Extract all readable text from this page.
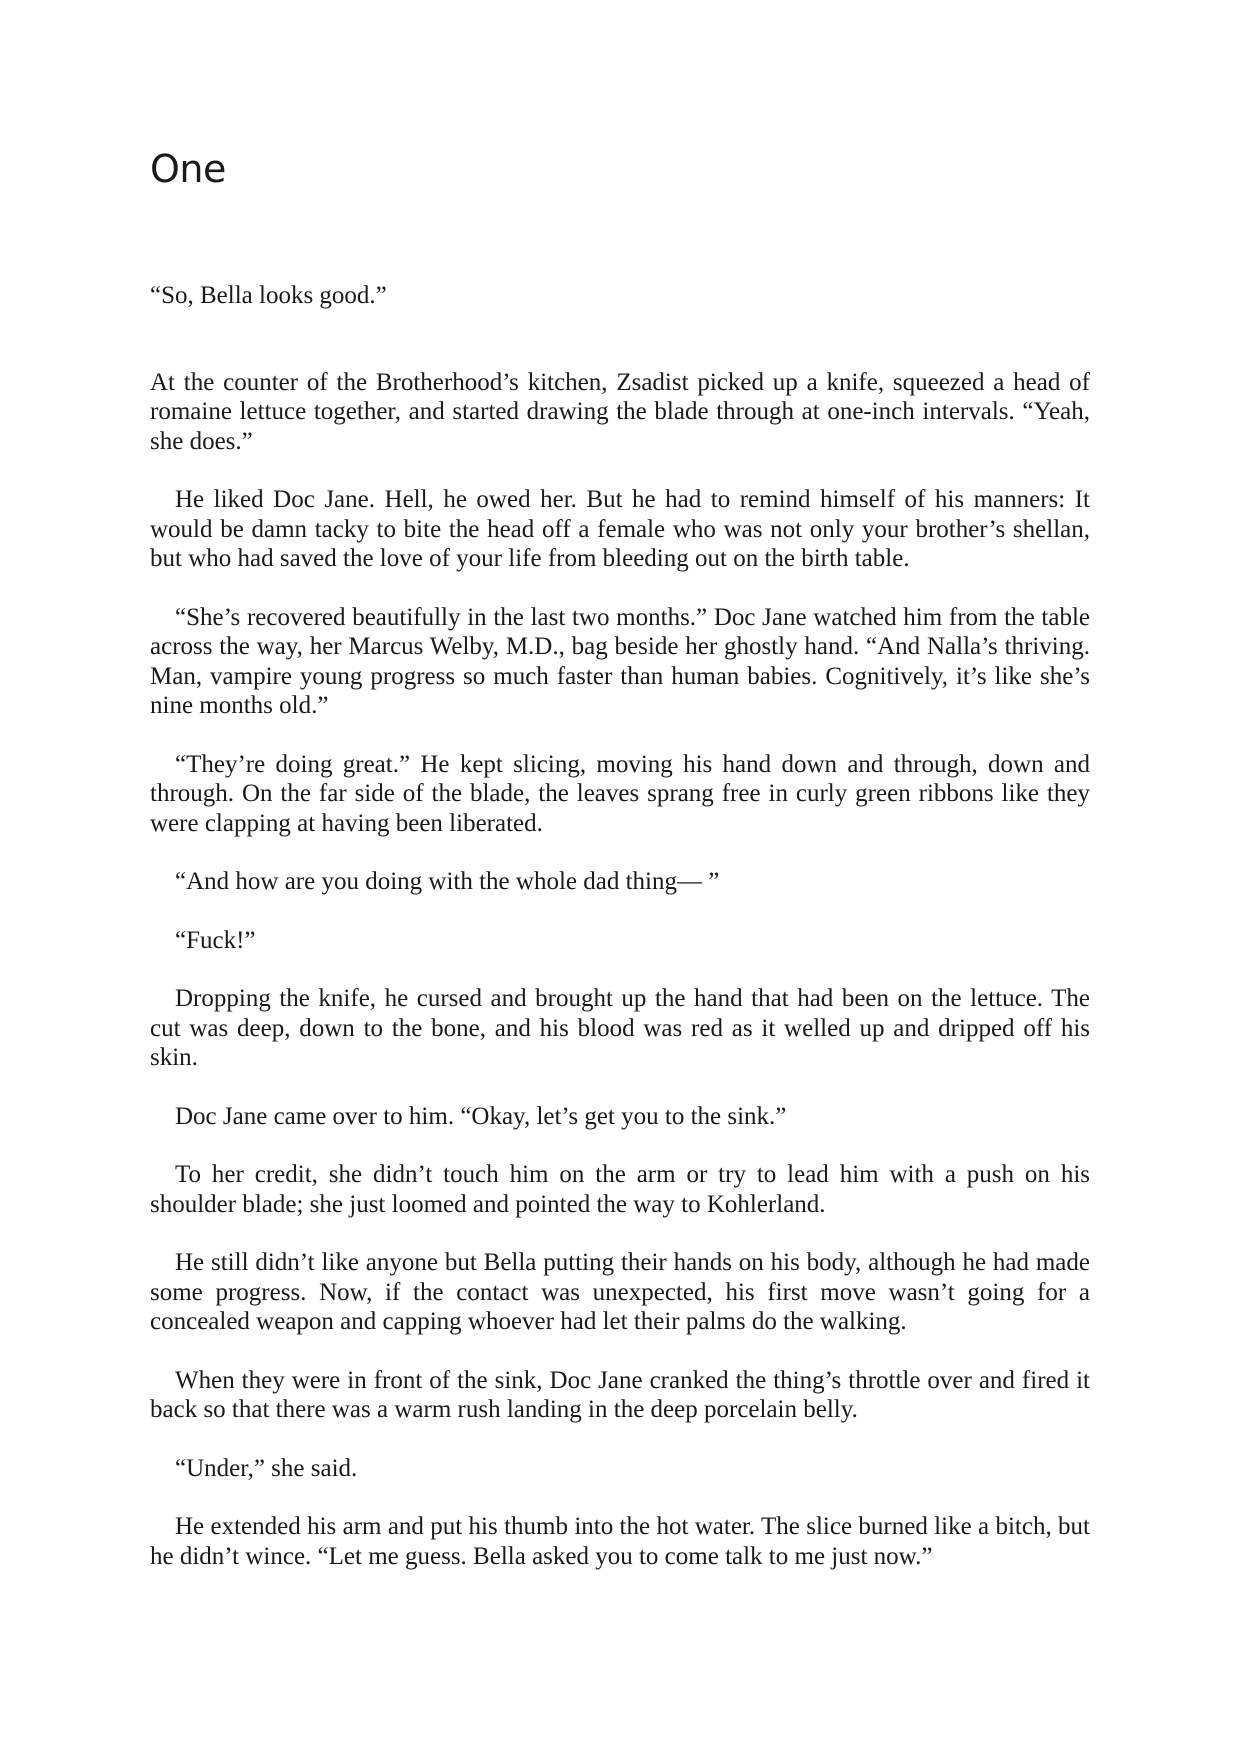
One

“So, Bella looks good.”

At the counter of the Brotherhood’s kitchen, Zsadist picked up a knife, squeezed a head of romaine lettuce together, and started drawing the blade through at one-inch intervals. “Yeah, she does.”

He liked Doc Jane. Hell, he owed her. But he had to remind himself of his manners: It would be damn tacky to bite the head off a female who was not only your brother’s shellan, but who had saved the love of your life from bleeding out on the birth table.

“She’s recovered beautifully in the last two months.” Doc Jane watched him from the table across the way, her Marcus Welby, M.D., bag beside her ghostly hand. “And Nalla’s thriving. Man, vampire young progress so much faster than human babies. Cognitively, it’s like she’s nine months old.”

“They’re doing great.” He kept slicing, moving his hand down and through, down and through. On the far side of the blade, the leaves sprang free in curly green ribbons like they were clapping at having been liberated.

“And how are you doing with the whole dad thing— ”

“Fuck!”

Dropping the knife, he cursed and brought up the hand that had been on the lettuce. The cut was deep, down to the bone, and his blood was red as it welled up and dripped off his skin.

Doc Jane came over to him. “Okay, let’s get you to the sink.”

To her credit, she didn’t touch him on the arm or try to lead him with a push on his shoulder blade; she just loomed and pointed the way to Kohlerland.

He still didn’t like anyone but Bella putting their hands on his body, although he had made some progress. Now, if the contact was unexpected, his first move wasn’t going for a concealed weapon and capping whoever had let their palms do the walking.

When they were in front of the sink, Doc Jane cranked the thing’s throttle over and fired it back so that there was a warm rush landing in the deep porcelain belly.

“Under,” she said.

He extended his arm and put his thumb into the hot water. The slice burned like a bitch, but he didn’t wince. “Let me guess. Bella asked you to come talk to me just now.”
